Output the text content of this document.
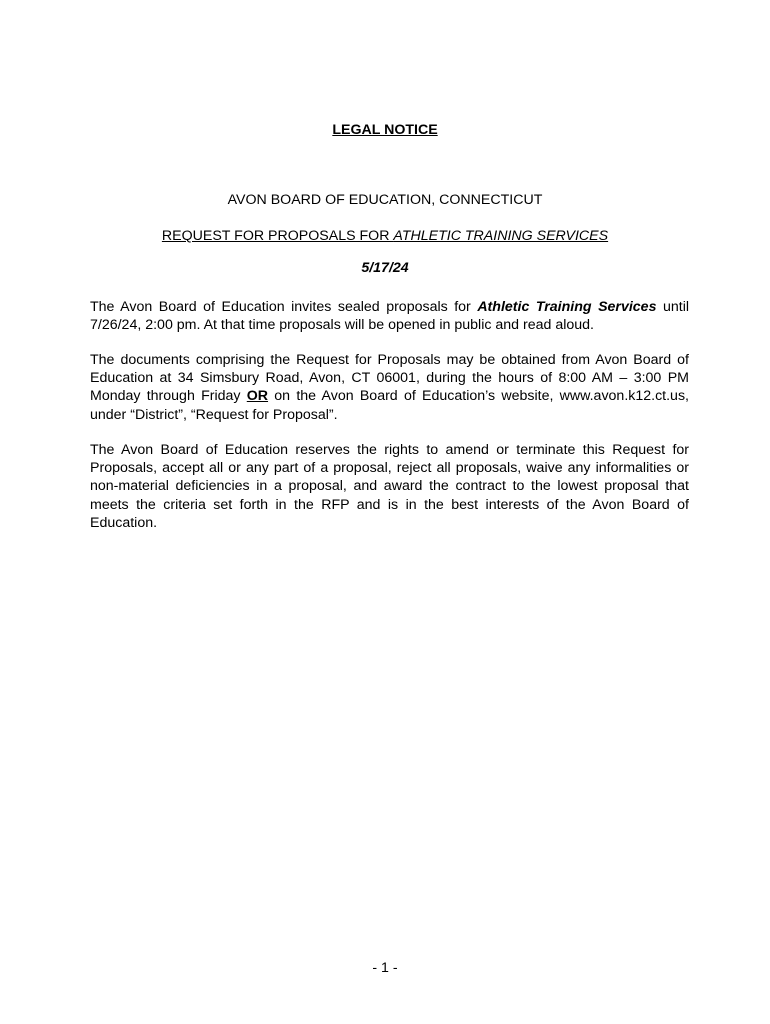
LEGAL NOTICE
AVON BOARD OF EDUCATION, CONNECTICUT
REQUEST FOR PROPOSALS FOR ATHLETIC TRAINING SERVICES
5/17/24

The Avon Board of Education invites sealed proposals for Athletic Training Services until 7/26/24, 2:00 pm. At that time proposals will be opened in public and read aloud.

The documents comprising the Request for Proposals may be obtained from Avon Board of Education at 34 Simsbury Road, Avon, CT 06001, during the hours of 8:00 AM – 3:00 PM Monday through Friday OR on the Avon Board of Education’s website, www.avon.k12.ct.us, under “District”, “Request for Proposal”.

The Avon Board of Education reserves the rights to amend or terminate this Request for Proposals, accept all or any part of a proposal, reject all proposals, waive any informalities or non-material deficiencies in a proposal, and award the contract to the lowest proposal that meets the criteria set forth in the RFP and is in the best interests of the Avon Board of Education.

- 1 -
